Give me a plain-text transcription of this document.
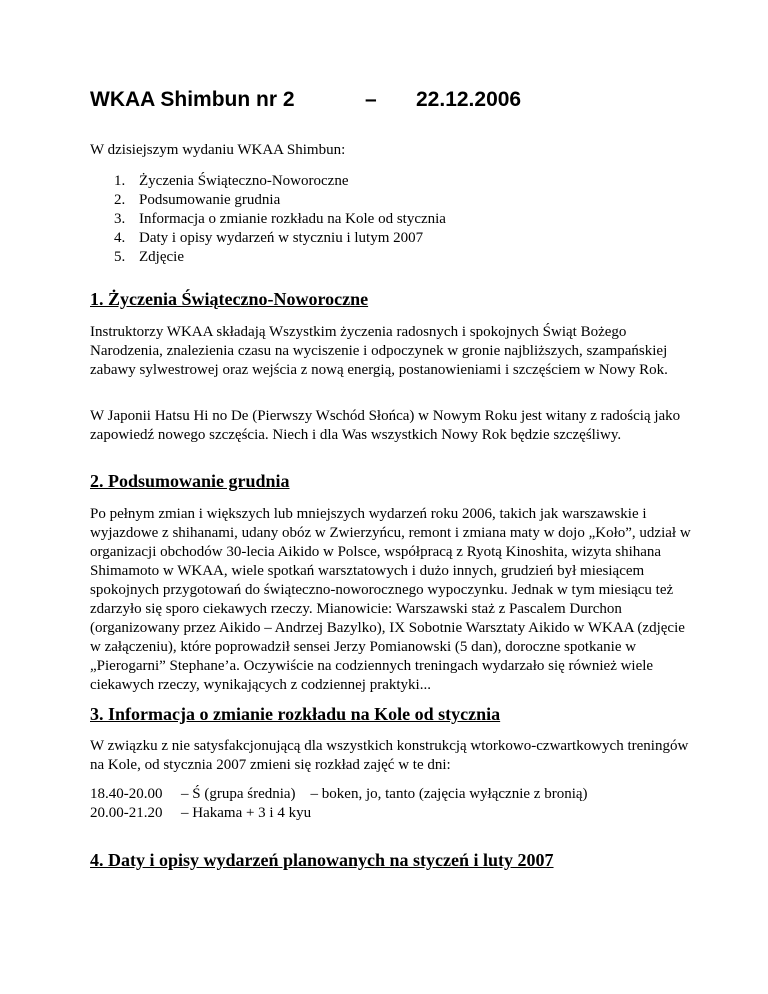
WKAA Shimbun nr 2	– 22.12.2006
W dzisiejszym wydaniu WKAA Shimbun:
1. Życzenia Świąteczno-Noworoczne
2. Podsumowanie grudnia
3. Informacja o zmianie rozkładu na Kole od stycznia
4. Daty i opisy wydarzeń w styczniu i lutym 2007
5. Zdjęcie
1. Życzenia Świąteczno-Noworoczne

Instruktorzy WKAA składają Wszystkim życzenia radosnych i spokojnych Świąt Bożego Narodzenia, znalezienia czasu na wyciszenie i odpoczynek w gronie najbliższych, szampańskiej zabawy sylwestrowej oraz wejścia z nową energią, postanowieniami i szczęściem w Nowy Rok.

W Japonii Hatsu Hi no De (Pierwszy Wschód Słońca) w Nowym Roku jest witany z radością jako zapowiedź nowego szczęścia. Niech i dla Was wszystkich Nowy Rok będzie szczęśliwy.

2. Podsumowanie grudnia

Po pełnym zmian i większych lub mniejszych wydarzeń roku 2006, takich jak warszawskie i wyjazdowe z shihanami, udany obóz w Zwierzyńcu, remont i zmiana maty w dojo „Koło”, udział w organizacji obchodów 30-lecia Aikido w Polsce, współpracą z Ryotą Kinoshita, wizyta shihana Shimamoto w WKAA, wiele spotkań warsztatowych i dużo innych, grudzień był miesiącem spokojnych przygotowań do świąteczno-noworocznego wypoczynku. Jednak w tym miesiącu też zdarzyło się sporo ciekawych rzeczy. Mianowicie: Warszawski staż z Pascalem Durchon (organizowany przez Aikido – Andrzej Bazylko), IX Sobotnie Warsztaty Aikido w WKAA (zdjęcie w załączeniu), które poprowadził sensei Jerzy Pomianowski (5 dan), doroczne spotkanie w „Pierogarni” Stephane’a. Oczywiście na codziennych treningach wydarzało się również wiele ciekawych rzeczy, wynikających z codziennej praktyki...

3. Informacja o zmianie rozkładu na Kole od stycznia

W związku z nie satysfakcjonującą dla wszystkich konstrukcją wtorkowo-czwartkowych treningów na Kole, od stycznia 2007 zmieni się rozkład zajęć w te dni:

18.40-20.00 – Ś (grupa średnia)    – boken, jo, tanto (zajęcia wyłącznie z bronią)
20.00-21.20 – Hakama + 3 i 4 kyu
4. Daty i opisy wydarzeń planowanych na styczeń i luty 2007
